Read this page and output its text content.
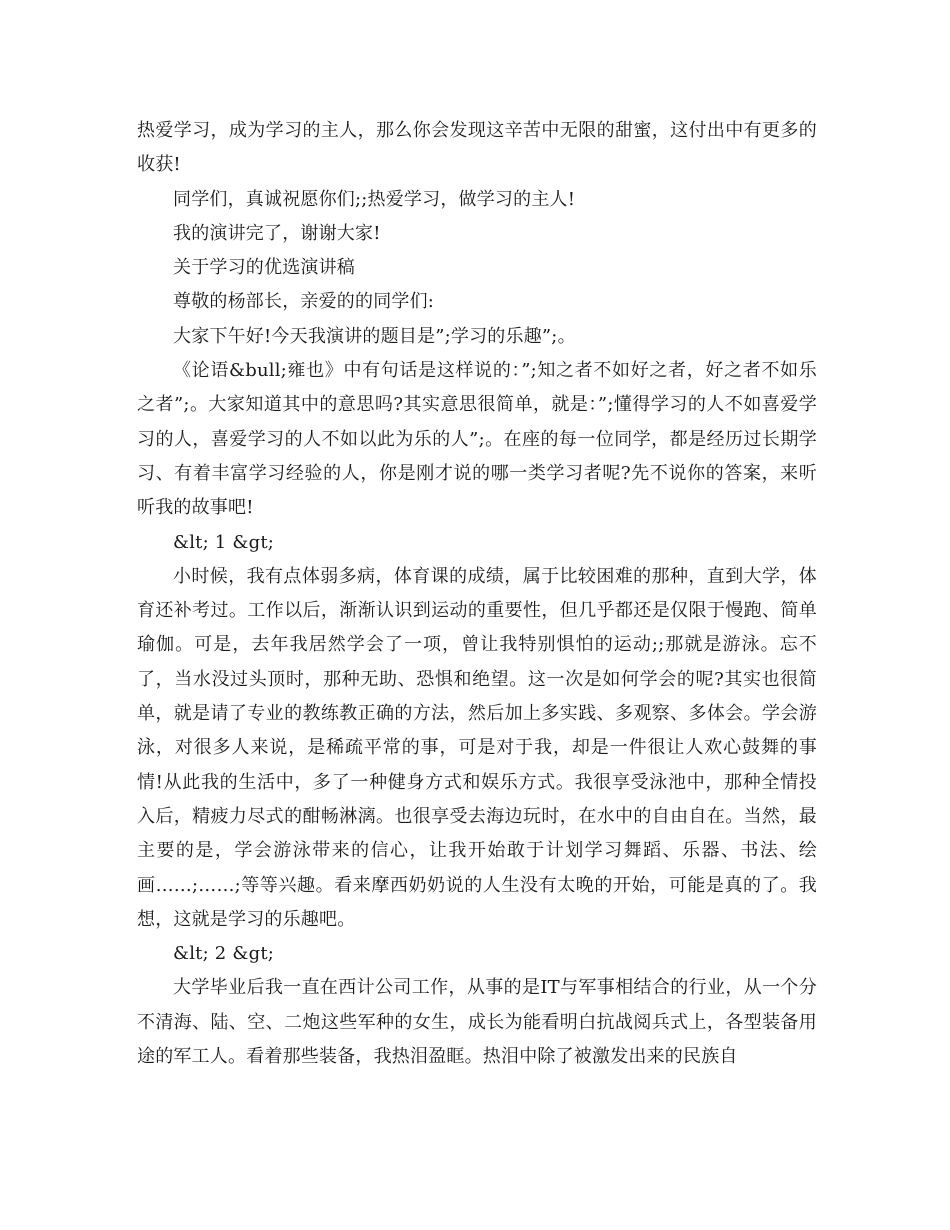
热爱学习，成为学习的主人，那么你会发现这辛苦中无限的甜蜜，这付出中有更多的收获!

同学们，真诚祝愿你们;;热爱学习，做学习的主人!

我的演讲完了，谢谢大家!

关于学习的优选演讲稿

尊敬的杨部长，亲爱的的同学们:

大家下午好!今天我演讲的题目是”;学习的乐趣”;。

《论语&bull;雍也》中有句话是这样说的：”;知之者不如好之者，好之者不如乐之者”;。大家知道其中的意思吗?其实意思很简单，就是：”;懂得学习的人不如喜爱学习的人，喜爱学习的人不如以此为乐的人”;。在座的每一位同学，都是经历过长期学习、有着丰富学习经验的人，你是刚才说的哪一类学习者呢?先不说你的答案，来听听我的故事吧!

&lt; 1 &gt;

小时候，我有点体弱多病，体育课的成绩，属于比较困难的那种，直到大学，体育还补考过。工作以后，渐渐认识到运动的重要性，但几乎都还是仅限于慢跑、简单瑜伽。可是，去年我居然学会了一项，曾让我特别惧怕的运动;;那就是游泳。忘不了，当水没过头顶时，那种无助、恐惧和绝望。这一次是如何学会的呢?其实也很简单，就是请了专业的教练教正确的方法，然后加上多实践、多观察、多体会。学会游泳，对很多人来说，是稀疏平常的事，可是对于我，却是一件很让人欢心鼓舞的事情!从此我的生活中，多了一种健身方式和娱乐方式。我很享受泳池中，那种全情投入后，精疲力尽式的酣畅淋漓。也很享受去海边玩时，在水中的自由自在。当然，最主要的是，学会游泳带来的信心，让我开始敢于计划学习舞蹈、乐器、书法、绘画……;……;等等兴趣。看来摩西奶奶说的人生没有太晚的开始，可能是真的了。我想，这就是学习的乐趣吧。

&lt; 2 &gt;

大学毕业后我一直在西计公司工作，从事的是IT与军事相结合的行业，从一个分不清海、陆、空、二炮这些军种的女生，成长为能看明白抗战阅兵式上，各型装备用途的军工人。看着那些装备，我热泪盈眶。热泪中除了被激发出来的民族自
